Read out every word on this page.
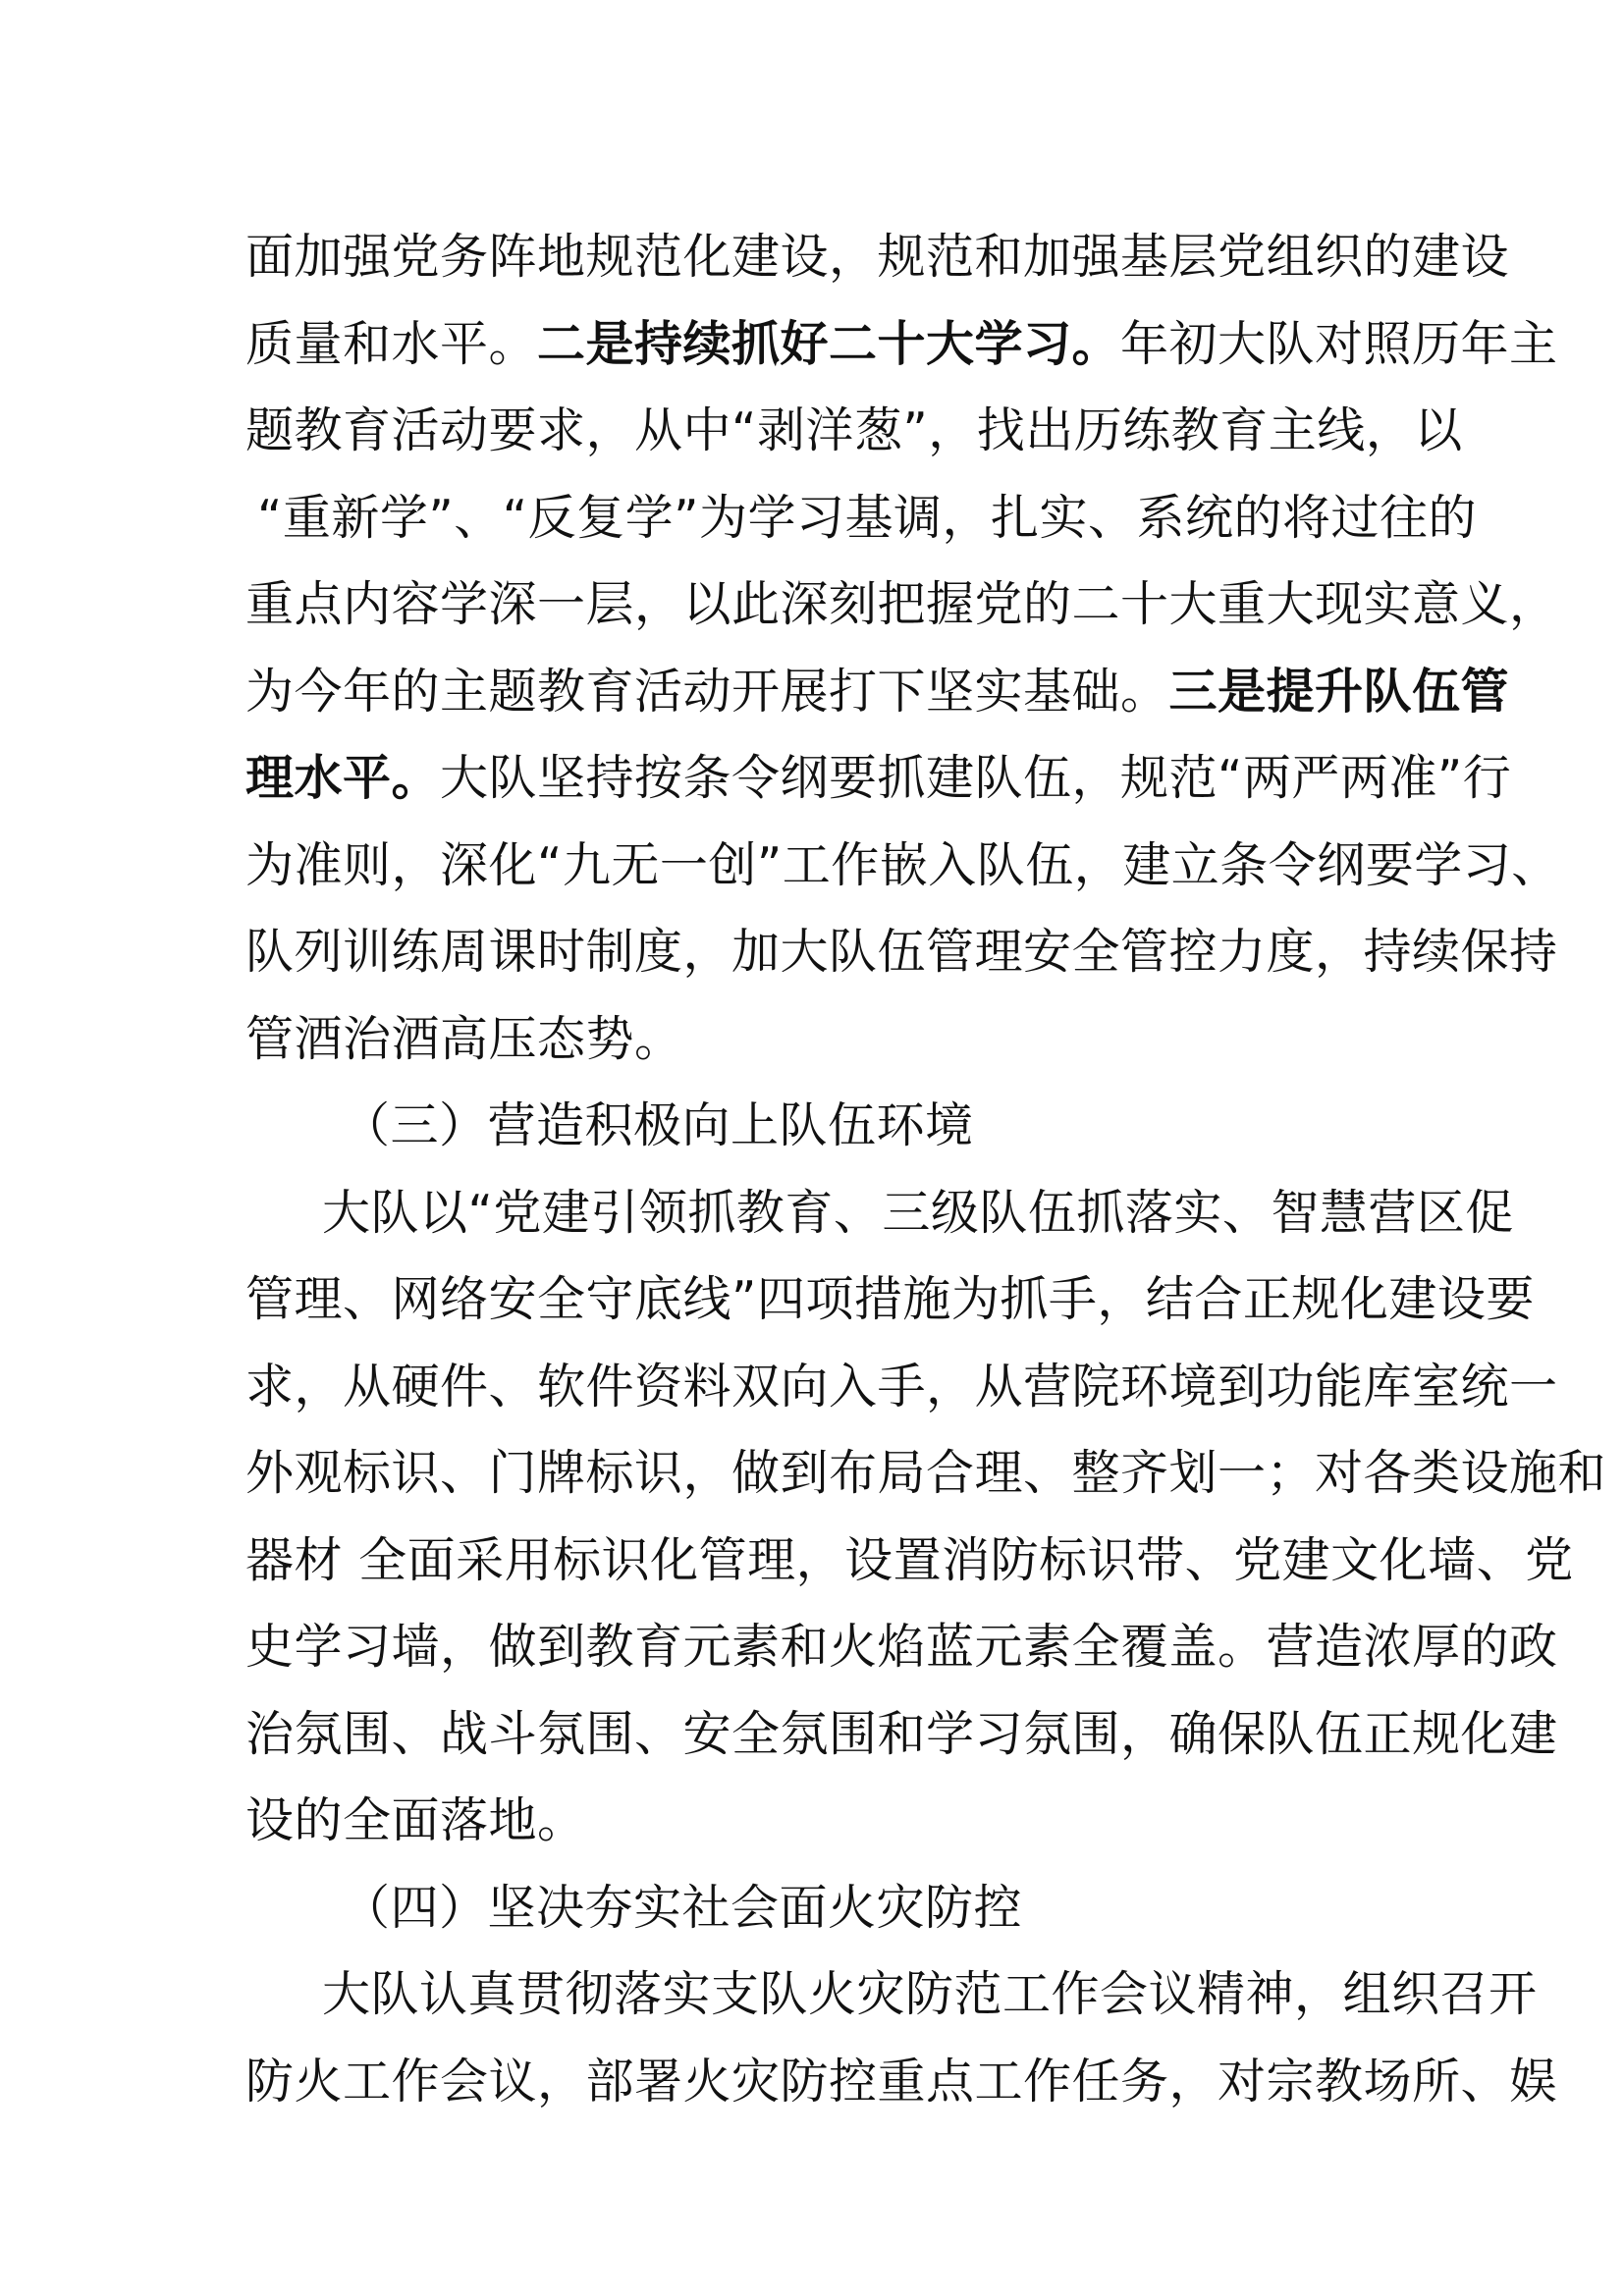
面加强党务阵地规范化建设，规范和加强基层党组织的建设
质量和水平。二是持续抓好二十大学习。年初大队对照历年主
题教育活动要求，从中“剥洋葱”，找出历练教育主线，以
“重新学”、“反复学”为学习基调，扎实、系统的将过往的
重点内容学深一层，以此深刻把握党的二十大重大现实意义，
为今年的主题教育活动开展打下坚实基础。三是提升队伍管
理水平。大队坚持按条令纲要抓建队伍，规范“两严两准”行
为准则，深化“九无一创”工作嵌入队伍，建立条令纲要学习、
队列训练周课时制度，加大队伍管理安全管控力度，持续保持
管酒治酒高压态势。
（三）营造积极向上队伍环境
大队以“党建引领抓教育、三级队伍抓落实、智慧营区促
管理、网络安全守底线”四项措施为抓手，结合正规化建设要
求，从硬件、软件资料双向入手，从营院环境到功能库室统一
外观标识、门牌标识，做到布局合理、整齐划一；对各类设施和
器材 全面采用标识化管理，设置消防标识带、党建文化墙、党
史学习墙，做到教育元素和火焰蓝元素全覆盖。营造浓厚的政
治氛围、战斗氛围、安全氛围和学习氛围，确保队伍正规化建
设的全面落地。
（四）坚决夯实社会面火灾防控
大队认真贯彻落实支队火灾防范工作会议精神，组织召开
防火工作会议，部署火灾防控重点工作任务，对宗教场所、娱
